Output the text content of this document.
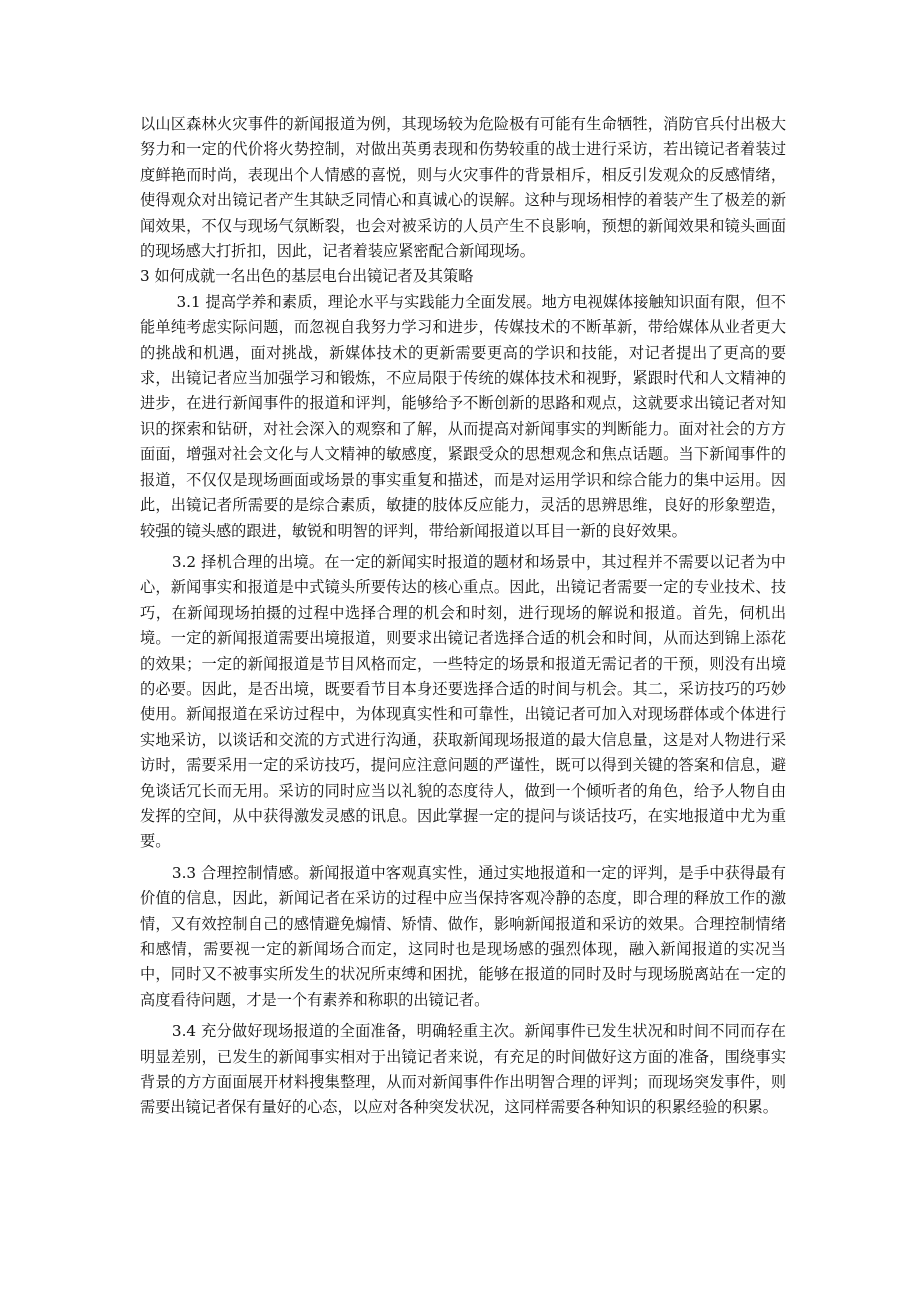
以山区森林火灾事件的新闻报道为例，其现场较为危险极有可能有生命牺牲，消防官兵付出极大努力和一定的代价将火势控制，对做出英勇表现和伤势较重的战士进行采访，若出镜记者着装过度鲜艳而时尚，表现出个人情感的喜悦，则与火灾事件的背景相斥，相反引发观众的反感情绪，使得观众对出镜记者产生其缺乏同情心和真诚心的误解。这种与现场相悖的着装产生了极差的新闻效果，不仅与现场气氛断裂，也会对被采访的人员产生不良影响，预想的新闻效果和镜头画面的现场感大打折扣，因此，记者着装应紧密配合新闻现场。

3 如何成就一名出色的基层电台出镜记者及其策略

3.1 提高学养和素质，理论水平与实践能力全面发展。地方电视媒体接触知识面有限，但不能单纯考虑实际问题，而忽视自我努力学习和进步，传媒技术的不断革新，带给媒体从业者更大的挑战和机遇，面对挑战，新媒体技术的更新需要更高的学识和技能，对记者提出了更高的要求，出镜记者应当加强学习和锻炼，不应局限于传统的媒体技术和视野，紧跟时代和人文精神的进步，在进行新闻事件的报道和评判，能够给予不断创新的思路和观点，这就要求出镜记者对知识的探索和钻研，对社会深入的观察和了解，从而提高对新闻事实的判断能力。面对社会的方方面面，增强对社会文化与人文精神的敏感度，紧跟受众的思想观念和焦点话题。当下新闻事件的报道，不仅仅是现场画面或场景的事实重复和描述，而是对运用学识和综合能力的集中运用。因此，出镜记者所需要的是综合素质，敏捷的肢体反应能力，灵活的思辨思维，良好的形象塑造，较强的镜头感的跟进，敏锐和明智的评判，带给新闻报道以耳目一新的良好效果。

3.2 择机合理的出境。在一定的新闻实时报道的题材和场景中，其过程并不需要以记者为中心，新闻事实和报道是中式镜头所要传达的核心重点。因此，出镜记者需要一定的专业技术、技巧，在新闻现场拍摄的过程中选择合理的机会和时刻，进行现场的解说和报道。首先，伺机出境。一定的新闻报道需要出境报道，则要求出镜记者选择合适的机会和时间，从而达到锦上添花的效果；一定的新闻报道是节目风格而定，一些特定的场景和报道无需记者的干预，则没有出境的必要。因此，是否出境，既要看节目本身还要选择合适的时间与机会。其二，采访技巧的巧妙使用。新闻报道在采访过程中，为体现真实性和可靠性，出镜记者可加入对现场群体或个体进行实地采访，以谈话和交流的方式进行沟通，获取新闻现场报道的最大信息量，这是对人物进行采访时，需要采用一定的采访技巧，提问应注意问题的严谨性，既可以得到关键的答案和信息，避免谈话冗长而无用。采访的同时应当以礼貌的态度待人，做到一个倾听者的角色，给予人物自由发挥的空间，从中获得激发灵感的讯息。因此掌握一定的提问与谈话技巧，在实地报道中尤为重要。

3.3 合理控制情感。新闻报道中客观真实性，通过实地报道和一定的评判，是手中获得最有价值的信息，因此，新闻记者在采访的过程中应当保持客观冷静的态度，即合理的释放工作的激情，又有效控制自己的感情避免煽情、矫情、做作，影响新闻报道和采访的效果。合理控制情绪和感情，需要视一定的新闻场合而定，这同时也是现场感的强烈体现，融入新闻报道的实况当中，同时又不被事实所发生的状况所束缚和困扰，能够在报道的同时及时与现场脱离站在一定的高度看待问题，才是一个有素养和称职的出镜记者。

3.4 充分做好现场报道的全面准备，明确轻重主次。新闻事件已发生状况和时间不同而存在明显差别，已发生的新闻事实相对于出镜记者来说，有充足的时间做好这方面的准备，围绕事实背景的方方面面展开材料搜集整理，从而对新闻事件作出明智合理的评判；而现场突发事件，则需要出镜记者保有量好的心态，以应对各种突发状况，这同样需要各种知识的积累经验的积累。
